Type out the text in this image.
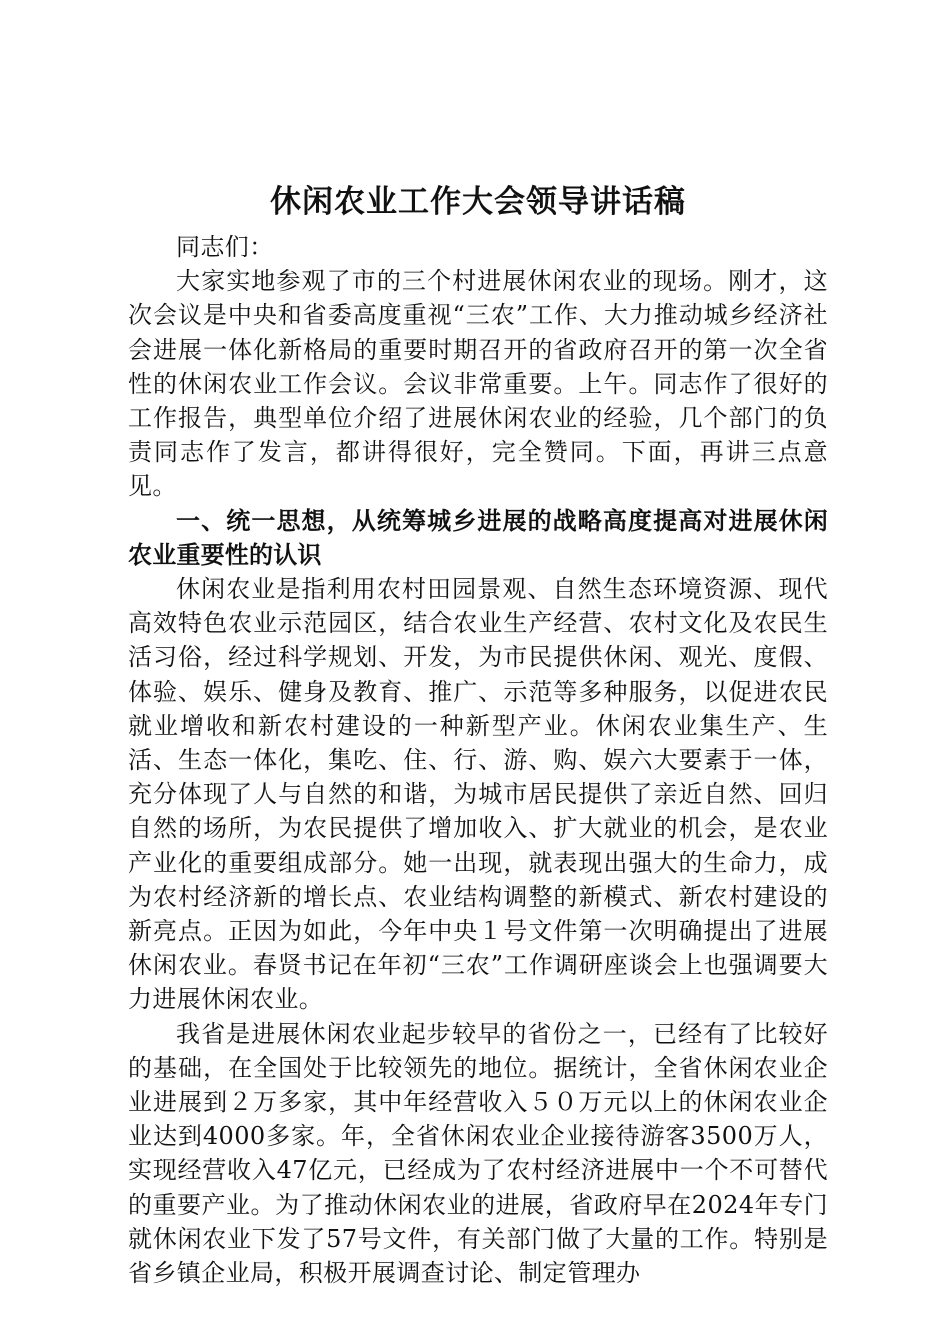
休闲农业工作大会领导讲话稿

同志们：

大家实地参观了市的三个村进展休闲农业的现场。刚才，这次会议是中央和省委高度重视“三农”工作、大力推动城乡经济社会进展一体化新格局的重要时期召开的省政府召开的第一次全省性的休闲农业工作会议。会议非常重要。上午。同志作了很好的工作报告，典型单位介绍了进展休闲农业的经验，几个部门的负责同志作了发言，都讲得很好，完全赞同。下面，再讲三点意见。

一、统一思想，从统筹城乡进展的战略高度提高对进展休闲农业重要性的认识

休闲农业是指利用农村田园景观、自然生态环境资源、现代高效特色农业示范园区，结合农业生产经营、农村文化及农民生活习俗，经过科学规划、开发，为市民提供休闲、观光、度假、体验、娱乐、健身及教育、推广、示范等多种服务，以促进农民就业增收和新农村建设的一种新型产业。休闲农业集生产、生活、生态一体化，集吃、住、行、游、购、娱六大要素于一体，充分体现了人与自然的和谐，为城市居民提供了亲近自然、回归自然的场所，为农民提供了增加收入、扩大就业的机会，是农业产业化的重要组成部分。她一出现，就表现出强大的生命力，成为农村经济新的增长点、农业结构调整的新模式、新农村建设的新亮点。正因为如此，今年中央１号文件第一次明确提出了进展休闲农业。春贤书记在年初“三农”工作调研座谈会上也强调要大力进展休闲农业。

我省是进展休闲农业起步较早的省份之一，已经有了比较好的基础，在全国处于比较领先的地位。据统计，全省休闲农业企业进展到２万多家，其中年经营收入５０万元以上的休闲农业企业达到4000多家。年，全省休闲农业企业接待游客3500万人，实现经营收入47亿元，已经成为了农村经济进展中一个不可替代的重要产业。为了推动休闲农业的进展，省政府早在2024年专门就休闲农业下发了57号文件，有关部门做了大量的工作。特别是省乡镇企业局，积极开展调查讨论、制定管理办
